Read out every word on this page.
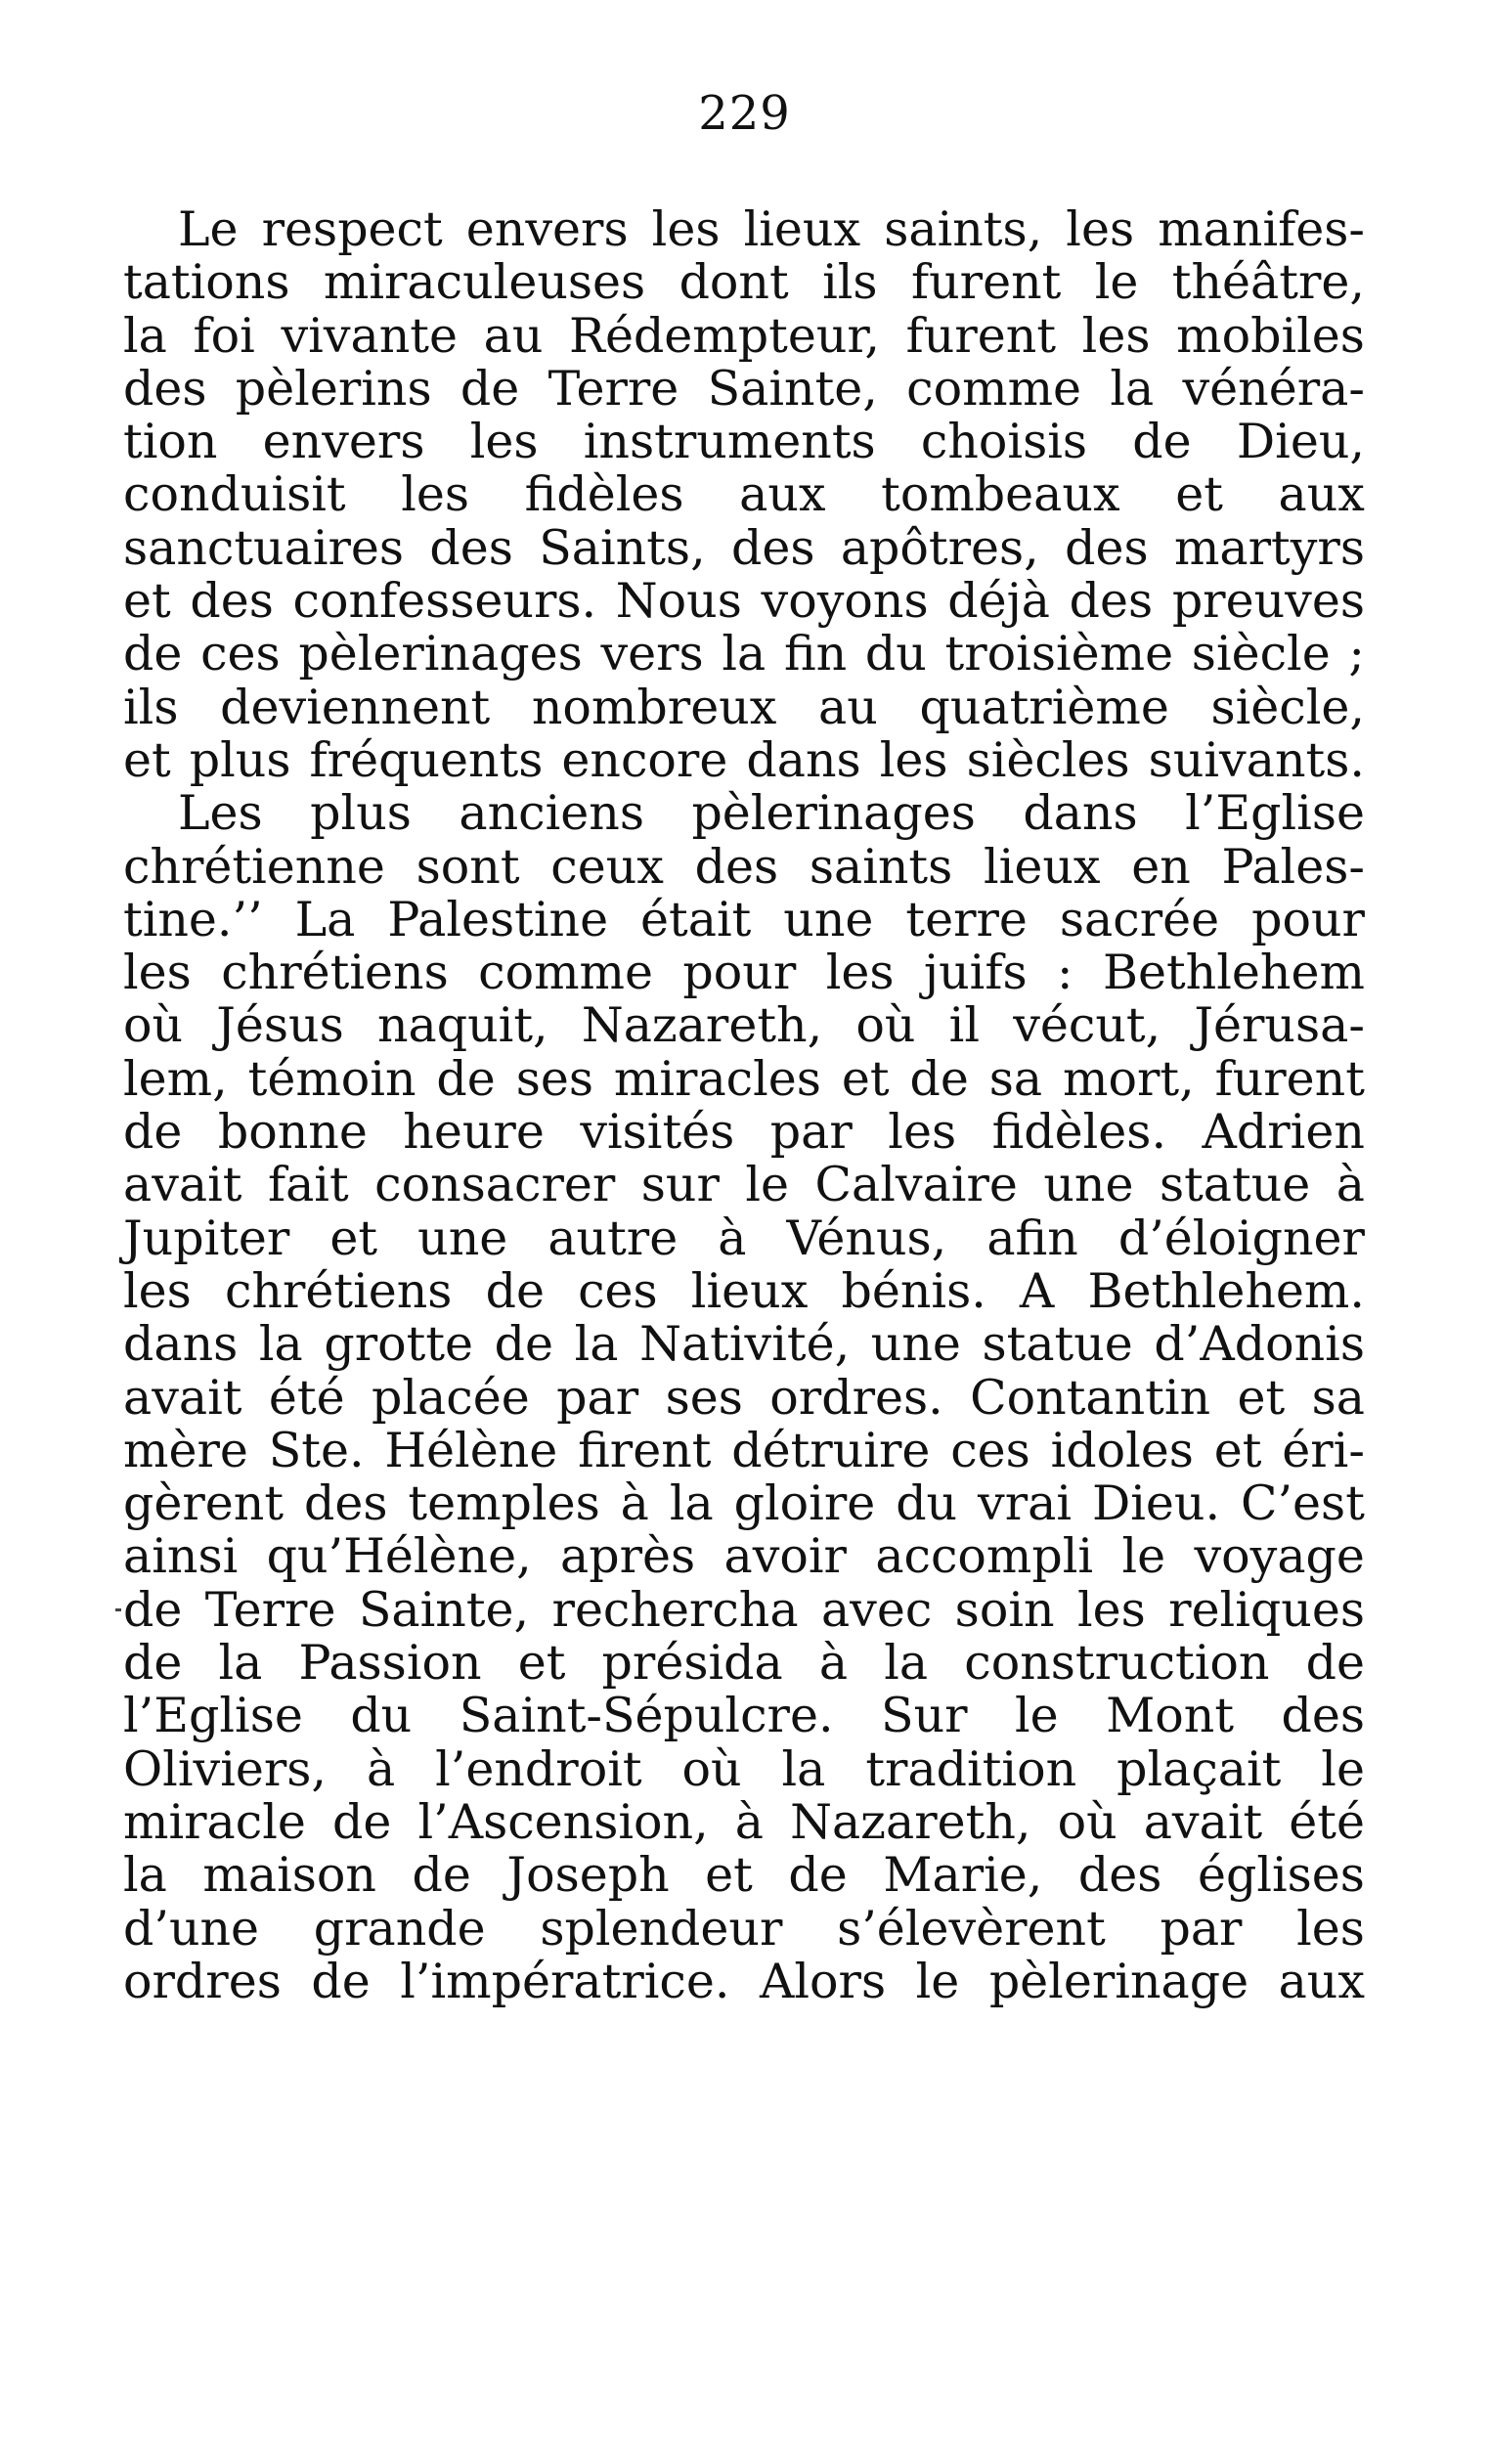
229
Le respect envers les lieux saints, les manifes-
tations miraculeuses dont ils furent le théâtre,
la foi vivante au Rédempteur, furent les mobiles
des pèlerins de Terre Sainte, comme la vénéra-
tion envers les instruments choisis de Dieu,
conduisit les fidèles aux tombeaux et aux
sanctuaires des Saints, des apôtres, des martyrs
et des confesseurs. Nous voyons déjà des preuves
de ces pèlerinages vers la fin du troisième siècle ;
ils deviennent nombreux au quatrième siècle,
et plus fréquents encore dans les siècles suivants.
Les plus anciens pèlerinages dans l’Eglise
chrétienne sont ceux des saints lieux en Pales-
tine.’’ La Palestine était une terre sacrée pour
les chrétiens comme pour les juifs : Bethlehem
où Jésus naquit, Nazareth, où il vécut, Jérusa-
lem, témoin de ses miracles et de sa mort, furent
de bonne heure visités par les fidèles. Adrien
avait fait consacrer sur le Calvaire une statue à
Jupiter et une autre à Vénus, afin d’éloigner
les chrétiens de ces lieux bénis. A Bethlehem.
dans la grotte de la Nativité, une statue d’Adonis
avait été placée par ses ordres. Contantin et sa
mère Ste. Hélène firent détruire ces idoles et éri-
gèrent des temples à la gloire du vrai Dieu. C’est
ainsi qu’Hélène, après avoir accompli le voyage
de Terre Sainte, rechercha avec soin les reliques
de la Passion et présida à la construction de
l’Eglise du Saint-Sépulcre. Sur le Mont des
Oliviers, à l’endroit où la tradition plaçait le
miracle de l’Ascension, à Nazareth, où avait été
la maison de Joseph et de Marie, des églises
d’une grande splendeur s’élevèrent par les
ordres de l’impératrice. Alors le pèlerinage aux
